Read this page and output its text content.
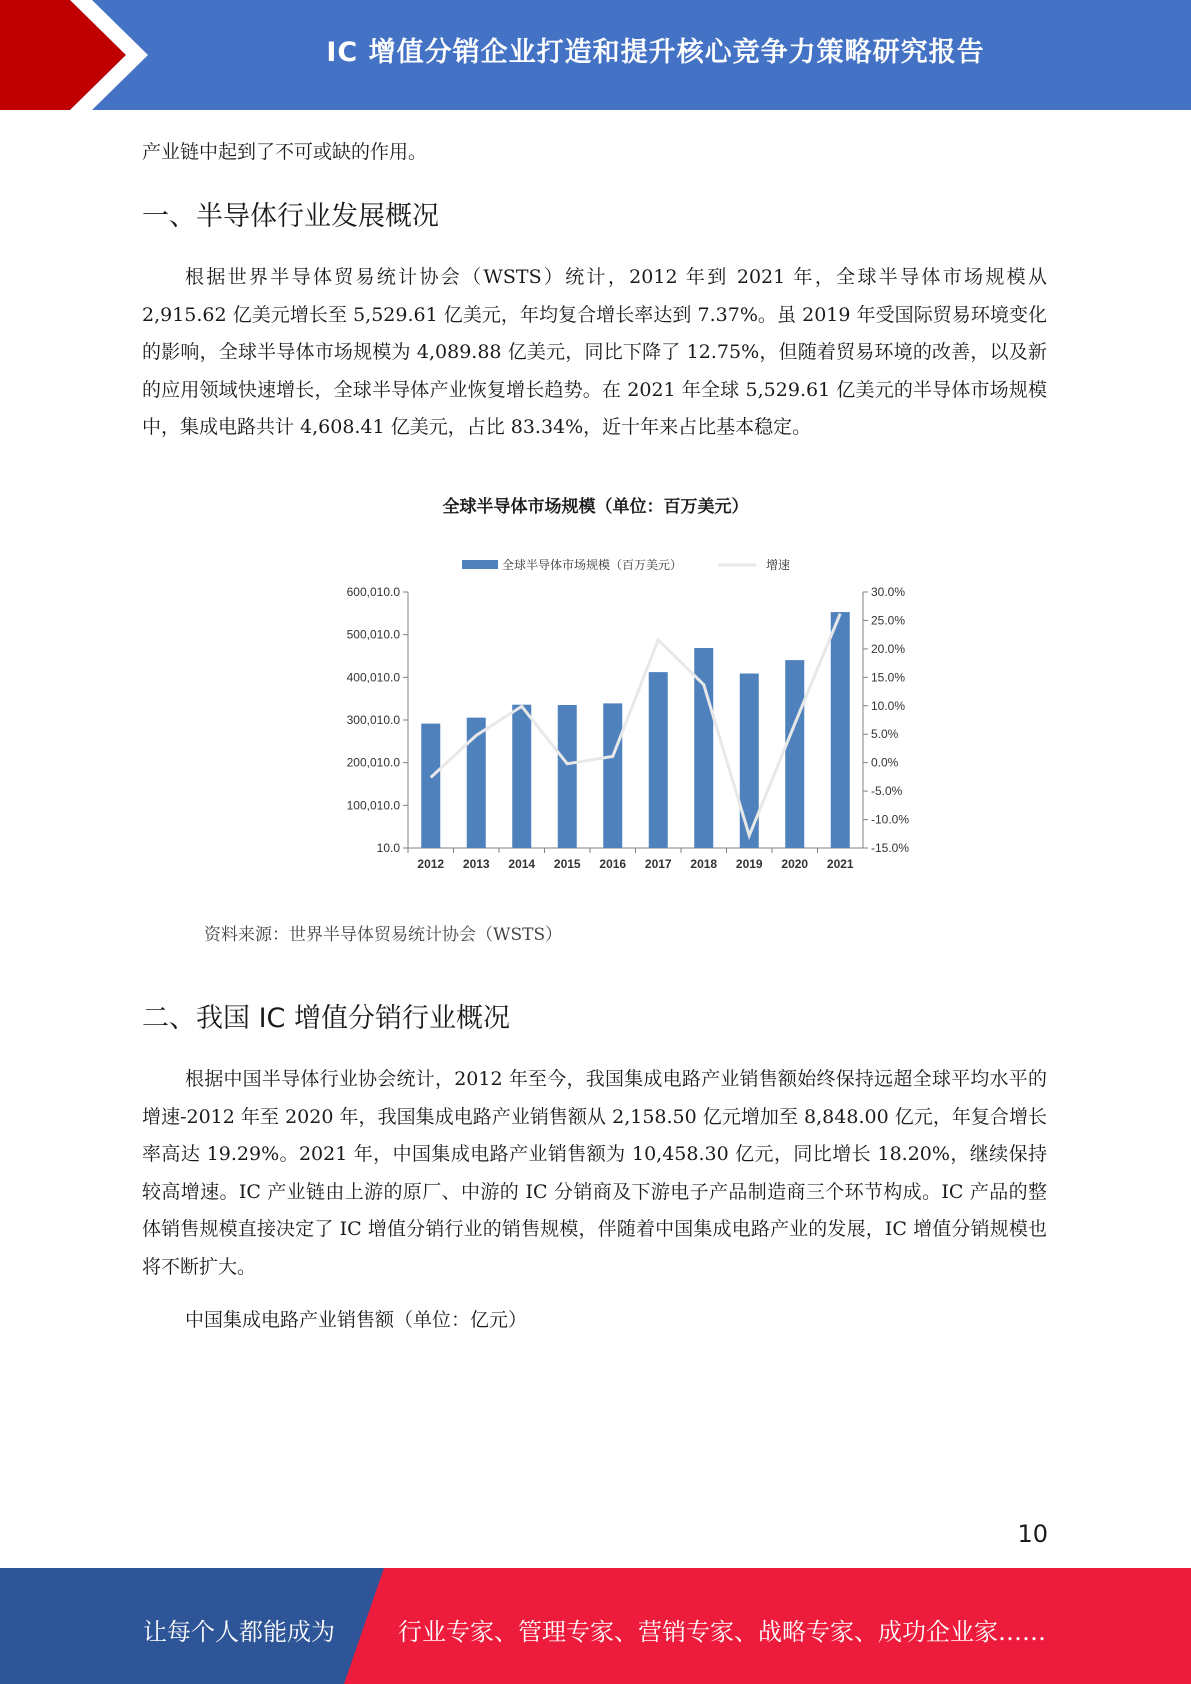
IC 增值分销企业打造和提升核心竞争力策略研究报告

产业链中起到了不可或缺的作用。

一、半导体行业发展概况

根据世界半导体贸易统计协会（WSTS）统计，2012 年到 2021 年，全球半导体市场规模从 2,915.62 亿美元增长至 5,529.61 亿美元，年均复合增长率达到 7.37%。虽 2019 年受国际贸易环境变化的影响，全球半导体市场规模为 4,089.88 亿美元，同比下降了 12.75%，但随着贸易环境的改善，以及新的应用领域快速增长，全球半导体产业恢复增长趋势。在 2021 年全球 5,529.61 亿美元的半导体市场规模中，集成电路共计 4,608.41 亿美元，占比 83.34%，近十年来占比基本稳定。

全球半导体市场规模（单位：百万美元）
10.0
100,010.0
200,010.0
300,010.0
400,010.0
500,010.0
600,010.0
-15.0%
-10.0%
-5.0%
0.0%
5.0%
10.0%
15.0%
20.0%
25.0%
30.0%
2012 2013 2014 2015 2016 2017 2018 2019 2020 2021
全球半导体市场规模（百万美元）	增速
资料来源：世界半导体贸易统计协会（WSTS）
二、我国 IC 增值分销行业概况

根据中国半导体行业协会统计，2012 年至今，我国集成电路产业销售额始终保持远超全球平均水平的增速-2012 年至 2020 年，我国集成电路产业销售额从 2,158.50 亿元增加至 8,848.00 亿元，年复合增长率高达 19.29%。2021 年，中国集成电路产业销售额为 10,458.30 亿元，同比增长 18.20%，继续保持较高增速。IC 产业链由上游的原厂、中游的 IC 分销商及下游电子产品制造商三个环节构成。IC 产品的整体销售规模直接决定了 IC 增值分销行业的销售规模，伴随着中国集成电路产业的发展，IC 增值分销规模也将不断扩大。

中国集成电路产业销售额（单位：亿元）

10
让每个人都能成为	行业专家、管理专家、营销专家、战略专家、成功企业家……
